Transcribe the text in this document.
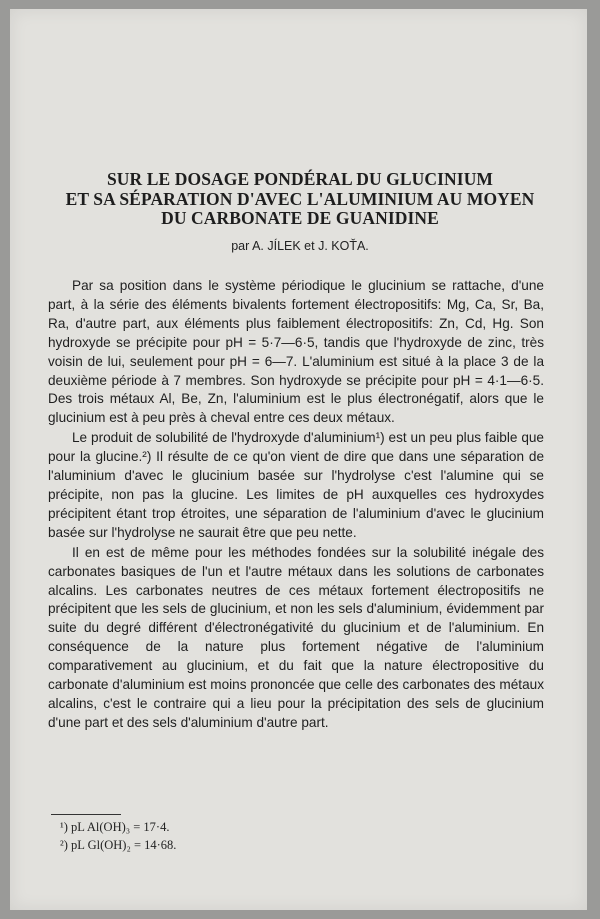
SUR LE DOSAGE PONDÉRAL DU GLUCINIUM
ET SA SÉPARATION D'AVEC L'ALUMINIUM AU MOYEN
DU CARBONATE DE GUANIDINE
par A. JÍLEK et J. KOŤA.

Par sa position dans le système périodique le glucinium se rattache, d'une part, à la série des éléments bivalents fortement électropositifs: Mg, Ca, Sr, Ba, Ra, d'autre part, aux éléments plus faiblement électropositifs: Zn, Cd, Hg. Son hydroxyde se précipite pour pH = 5·7—6·5, tandis que l'hydroxyde de zinc, très voisin de lui, seulement pour pH = 6—7. L'aluminium est situé à la place 3 de la deuxième période à 7 membres. Son hydroxyde se précipite pour pH = 4·1—6·5. Des trois métaux Al, Be, Zn, l'aluminium est le plus électronégatif, alors que le glucinium est à peu près à cheval entre ces deux métaux.

Le produit de solubilité de l'hydroxyde d'aluminium¹) est un peu plus faible que pour la glucine.²) Il résulte de ce qu'on vient de dire que dans une séparation de l'aluminium d'avec le glucinium basée sur l'hydrolyse c'est l'alumine qui se précipite, non pas la glucine. Les limites de pH auxquelles ces hydroxydes précipitent étant trop étroites, une séparation de l'aluminium d'avec le glucinium basée sur l'hydrolyse ne saurait être que peu nette.

Il en est de même pour les méthodes fondées sur la solubilité inégale des carbonates basiques de l'un et l'autre métaux dans les solutions de carbonates alcalins. Les carbonates neutres de ces métaux fortement électropositifs ne précipitent que les sels de glucinium, et non les sels d'aluminium, évidemment par suite du degré différent d'électronégativité du glucinium et de l'aluminium. En conséquence de la nature plus fortement négative de l'aluminium comparativement au glucinium, et du fait que la nature électropositive du carbonate d'aluminium est moins prononcée que celle des carbonates des métaux alcalins, c'est le contraire qui a lieu pour la précipitation des sels de glucinium d'une part et des sels d'aluminium d'autre part.

¹) pL Al(OH)₃ = 17·4.
²) pL Gl(OH)₂ = 14·68.
